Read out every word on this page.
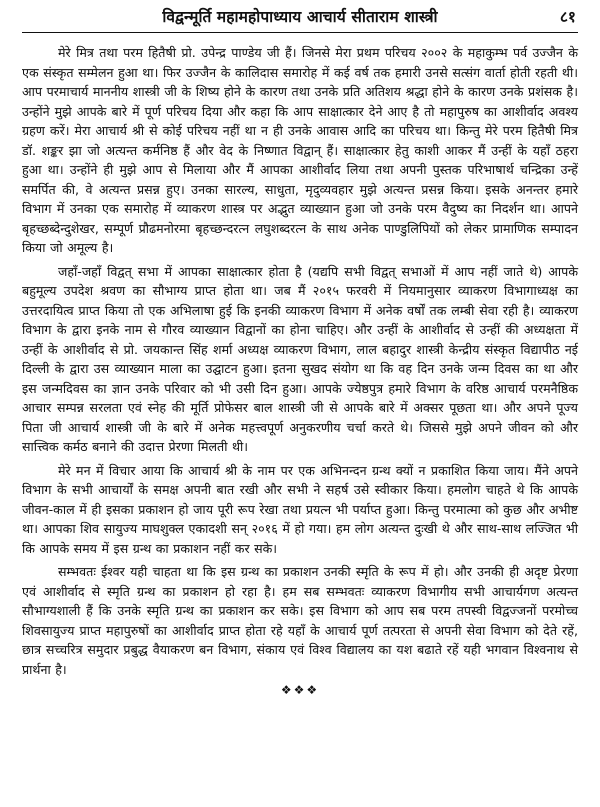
विद्वन्मूर्ति महामहोपाध्याय आचार्य सीताराम शास्त्री	८१

मेरे मित्र तथा परम हितैषी प्रो. उपेन्द्र पाण्डेय जी हैं। जिनसे मेरा प्रथम परिचय २००२ के महाकुम्भ पर्व उज्जैन के एक संस्कृत सम्मेलन हुआ था। फिर उज्जैन के कालिदास समारोह में कई वर्ष तक हमारी उनसे सत्संग वार्ता होती रहती थी। आप परमाचार्य माननीय शास्त्री जी के शिष्य होने के कारण तथा उनके प्रति अतिशय श्रद्धा होने के कारण उनके प्रशंसक है। उन्होंने मुझे आपके बारे में पूर्ण परिचय दिया और कहा कि आप साक्षात्कार देने आए है तो महापुरुष का आशीर्वाद अवश्य ग्रहण करें। मेरा आचार्य श्री से कोई परिचय नहीं था न ही उनके आवास आदि का परिचय था। किन्तु मेरे परम हितैषी मित्र डॉ. शङ्कर झा जो अत्यन्त कर्मनिष्ठ हैं और वेद के निष्णात विद्वान् हैं। साक्षात्कार हेतु काशी आकर मैं उन्हीं के यहाँ ठहरा हुआ था। उन्होंने ही मुझे आप से मिलाया और मैं आपका आशीर्वाद लिया तथा अपनी पुस्तक परिभाषार्थ चन्द्रिका उन्हें समर्पित की, वे अत्यन्त प्रसन्न हुए। उनका सारल्य, साधुता, मृदुव्यवहार मुझे अत्यन्त प्रसन्न किया। इसके अनन्तर हमारे विभाग में उनका एक समारोह में व्याकरण शास्त्र पर अद्भुत व्याख्यान हुआ जो उनके परम वैदुष्य का निदर्शन था। आपने बृहच्छब्देन्दुशेखर, सम्पूर्ण प्रौढमनोरमा बृहच्छन्दरत्न लघुशब्दरत्न के साथ अनेक पाण्डुलिपियों को लेकर प्रामाणिक सम्पादन किया जो अमूल्य है।

जहाँ-जहाँ विद्वत् सभा में आपका साक्षात्कार होता है (यद्यपि सभी विद्वत् सभाओं में आप नहीं जाते थे) आपके बहुमूल्य उपदेश श्रवण का सौभाग्य प्राप्त होता था। जब मैं २०१५ फरवरी में नियमानुसार व्याकरण विभागाध्यक्ष का उत्तरदायित्व प्राप्त किया तो एक अभिलाषा हुई कि इनकी व्याकरण विभाग में अनेक वर्षों तक लम्बी सेवा रही है। व्याकरण विभाग के द्वारा इनके नाम से गौरव व्याख्यान विद्वानों का होना चाहिए। और उन्हीं के आशीर्वाद से उन्हीं की अध्यक्षता में उन्हीं के आशीर्वाद से प्रो. जयकान्त सिंह शर्मा अध्यक्ष व्याकरण विभाग, लाल बहादुर शास्त्री केन्द्रीय संस्कृत विद्यापीठ नई दिल्ली के द्वारा उस व्याख्यान माला का उद्घाटन हुआ। इतना सुखद संयोग था कि वह दिन उनके जन्म दिवस का था और इस जन्मदिवस का ज्ञान उनके परिवार को भी उसी दिन हुआ। आपके ज्येष्ठपुत्र हमारे विभाग के वरिष्ठ आचार्य परमनैष्ठिक आचार सम्पन्न सरलता एवं स्नेह की मूर्ति प्रोफेसर बाल शास्त्री जी से आपके बारे में अक्सर पूछता था। और अपने पूज्य पिता जी आचार्य शास्त्री जी के बारे में अनेक महत्त्वपूर्ण अनुकरणीय चर्चा करते थे। जिससे मुझे अपने जीवन को और सात्त्विक कर्मठ बनाने की उदात्त प्रेरणा मिलती थी।

मेरे मन में विचार आया कि आचार्य श्री के नाम पर एक अभिनन्दन ग्रन्थ क्यों न प्रकाशित किया जाय। मैंने अपने विभाग के सभी आचार्यों के समक्ष अपनी बात रखी और सभी ने सहर्ष उसे स्वीकार किया। हमलोग चाहते थे कि आपके जीवन-काल में ही इसका प्रकाशन हो जाय पूरी रूप रेखा तथा प्रयत्न भी पर्याप्त हुआ। किन्तु परमात्मा को कुछ और अभीष्ट था। आपका शिव सायुज्य माघशुक्ल एकादशी सन् २०१६ में हो गया। हम लोग अत्यन्त दुःखी थे और साथ-साथ लज्जित भी कि आपके समय में इस ग्रन्थ का प्रकाशन नहीं कर सके।

सम्भवतः ईश्वर यही चाहता था कि इस ग्रन्थ का प्रकाशन उनकी स्मृति के रूप में हो। और उनकी ही अदृष्ट प्रेरणा एवं आशीर्वाद से स्मृति ग्रन्थ का प्रकाशन हो रहा है। हम सब सम्भवतः व्याकरण विभागीय सभी आचार्यगण अत्यन्त सौभाग्यशाली हैं कि उनके स्मृति ग्रन्थ का प्रकाशन कर सके। इस विभाग को आप सब परम तपस्वी विद्वज्जनों परमोच्च शिवसायुज्य प्राप्त महापुरुषों का आशीर्वाद प्राप्त होता रहे यहाँ के आचार्य पूर्ण तत्परता से अपनी सेवा विभाग को देते रहें, छात्र सच्चरित्र समुदार प्रबुद्ध वैयाकरण बन विभाग, संकाय एवं विश्व विद्यालय का यश बढाते रहें यही भगवान विश्वनाथ से प्रार्थना है।

❖❖❖
